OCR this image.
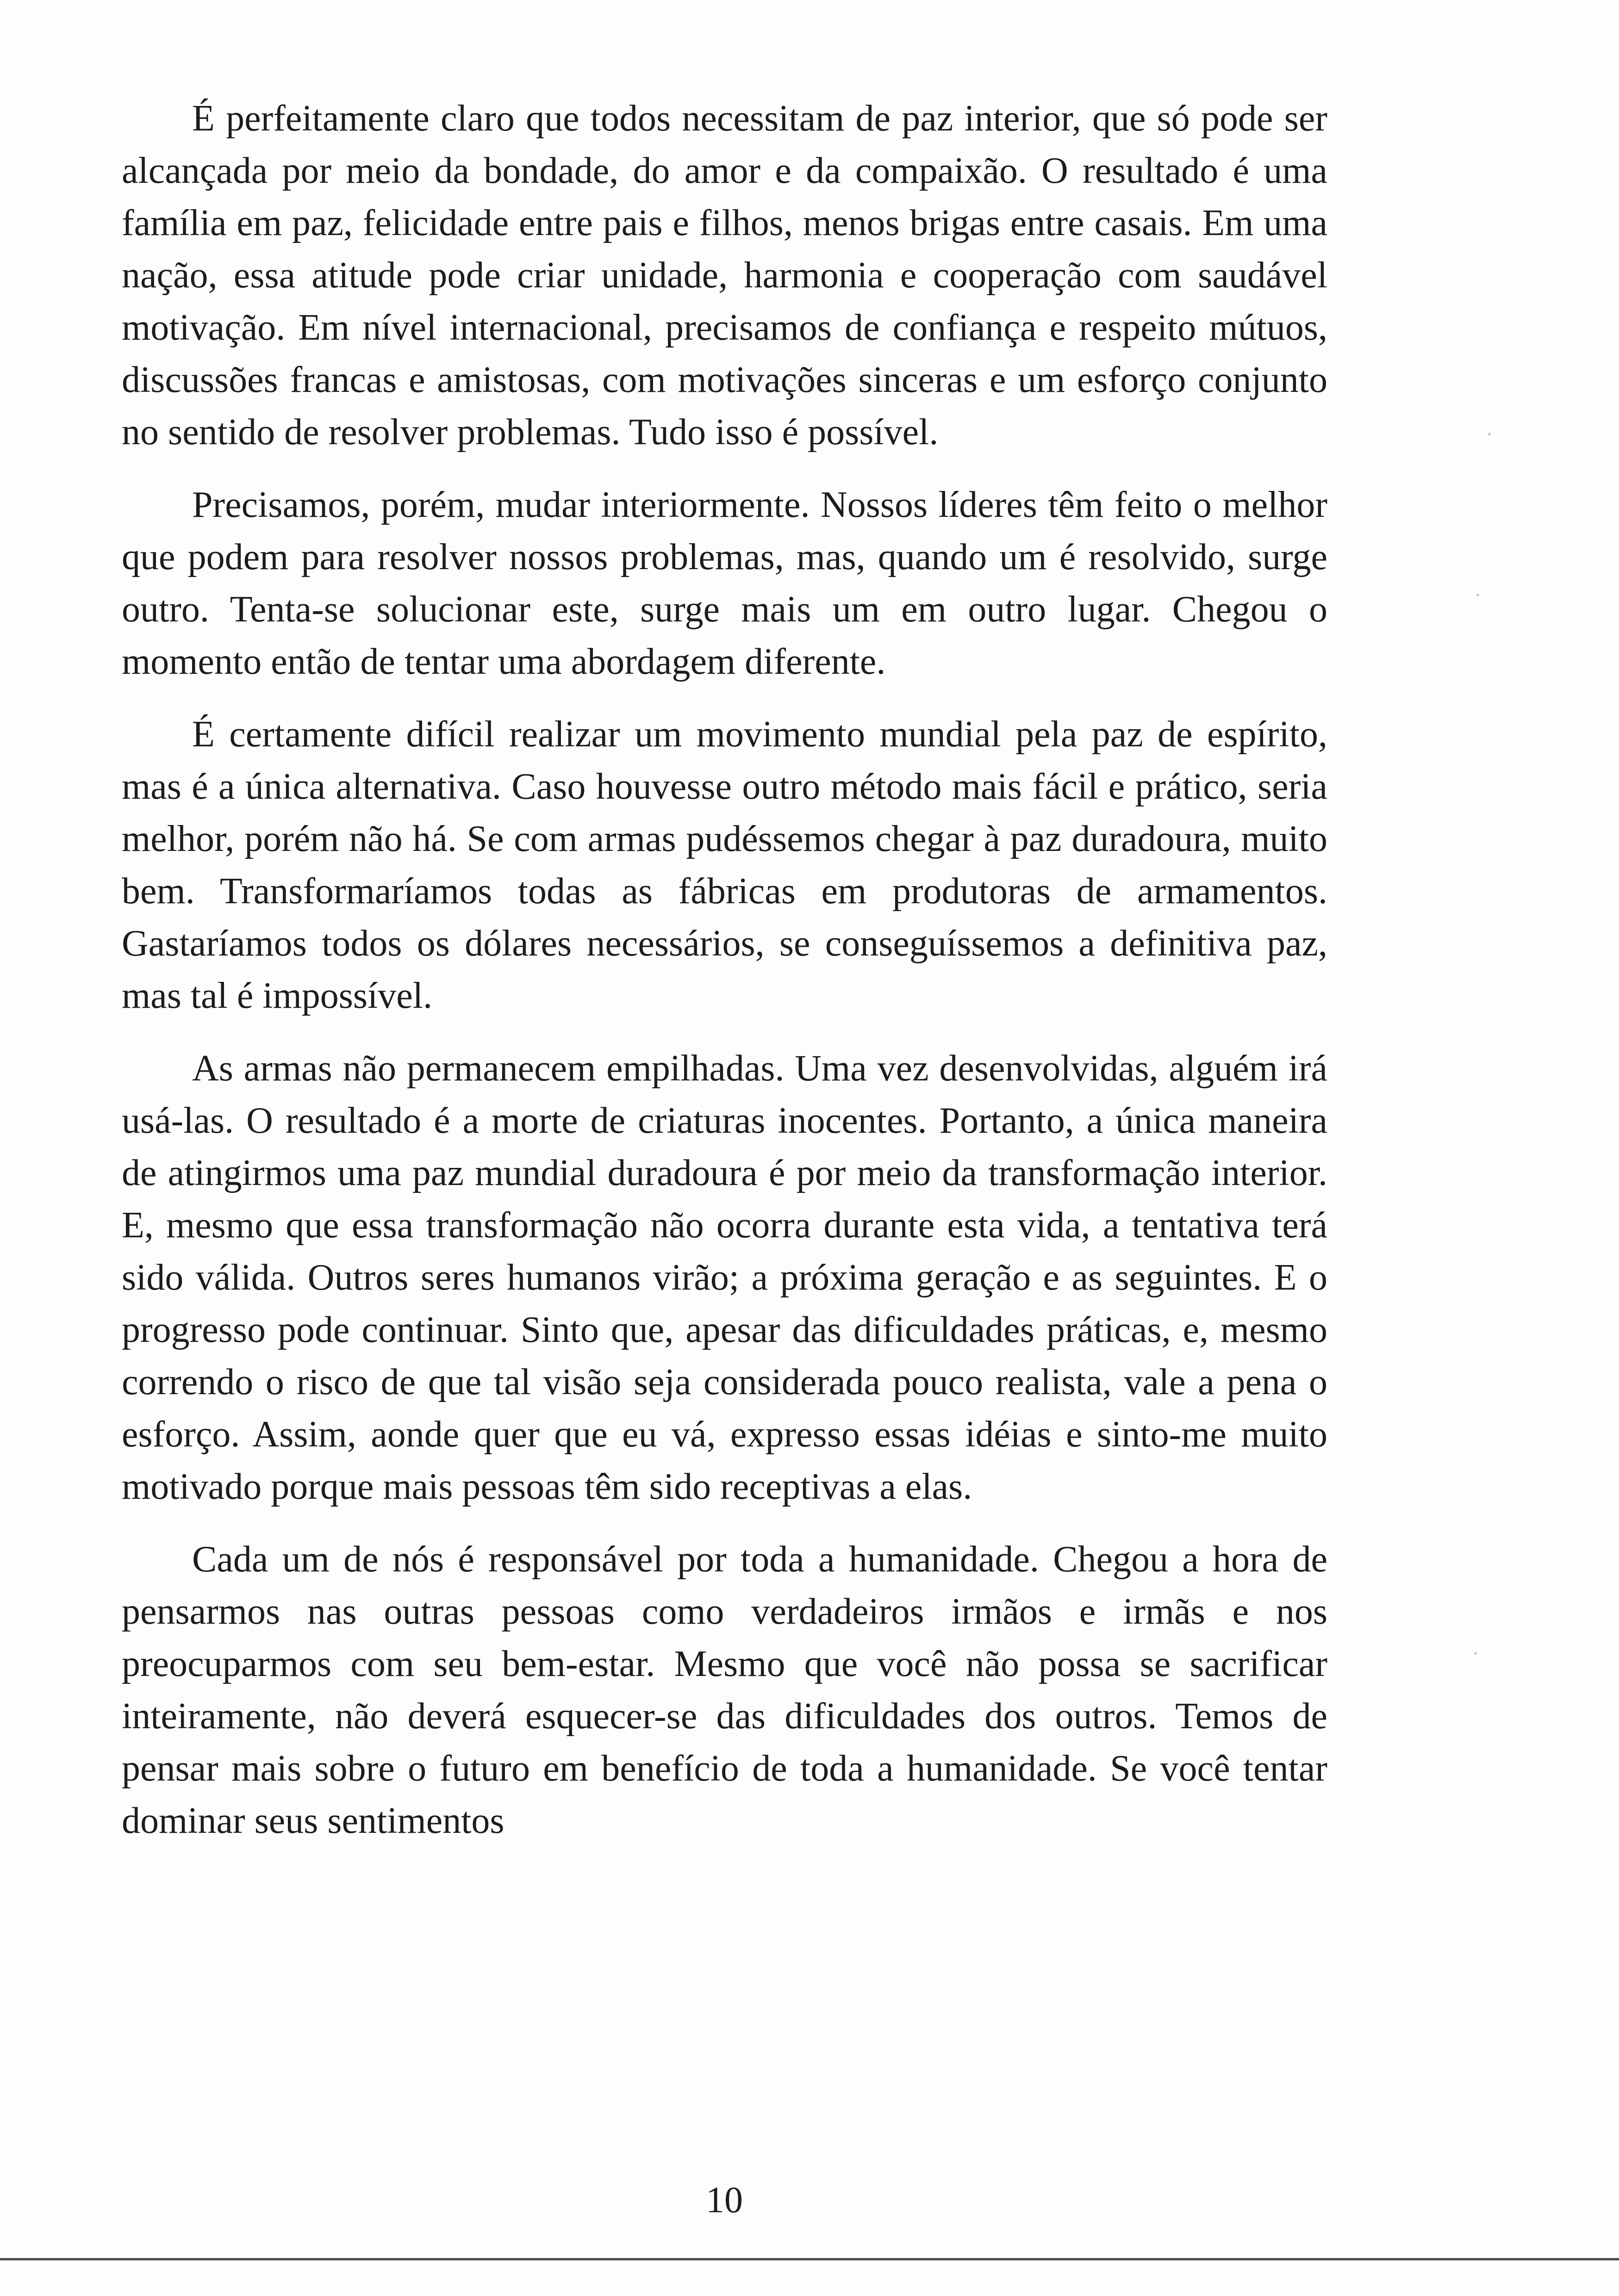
É perfeitamente claro que todos necessitam de paz interior, que só pode ser alcançada por meio da bondade, do amor e da compaixão. O resultado é uma família em paz, felicidade entre pais e filhos, menos brigas entre casais. Em uma nação, essa atitude pode criar unidade, harmonia e cooperação com saudável motivação. Em nível internacional, precisamos de confiança e respeito mútuos, discussões francas e amistosas, com motivações sinceras e um esforço conjunto no sentido de resolver problemas. Tudo isso é possível.

Precisamos, porém, mudar interiormente. Nossos líderes têm feito o melhor que podem para resolver nossos problemas, mas, quando um é resolvido, surge outro. Tenta-se solucionar este, surge mais um em outro lugar. Chegou o momento então de tentar uma abordagem diferente.

É certamente difícil realizar um movimento mundial pela paz de espírito, mas é a única alternativa. Caso houvesse outro método mais fácil e prático, seria melhor, porém não há. Se com armas pudéssemos chegar à paz duradoura, muito bem. Transformaríamos todas as fábricas em produtoras de armamentos. Gastaríamos todos os dólares necessários, se conseguíssemos a definitiva paz, mas tal é impossível.

As armas não permanecem empilhadas. Uma vez desenvolvidas, alguém irá usá-las. O resultado é a morte de criaturas inocentes. Portanto, a única maneira de atingirmos uma paz mundial duradoura é por meio da transformação interior. E, mesmo que essa transformação não ocorra durante esta vida, a tentativa terá sido válida. Outros seres humanos virão; a próxima geração e as seguintes. E o progresso pode continuar. Sinto que, apesar das dificuldades práticas, e, mesmo correndo o risco de que tal visão seja considerada pouco realista, vale a pena o esforço. Assim, aonde quer que eu vá, expresso essas idéias e sinto-me muito motivado porque mais pessoas têm sido receptivas a elas.

Cada um de nós é responsável por toda a humanidade. Chegou a hora de pensarmos nas outras pessoas como verdadeiros irmãos e irmãs e nos preocuparmos com seu bem-estar. Mesmo que você não possa se sacrificar inteiramente, não deverá esquecer-se das dificuldades dos outros. Temos de pensar mais sobre o futuro em benefício de toda a humanidade. Se você tentar dominar seus sentimentos

10
